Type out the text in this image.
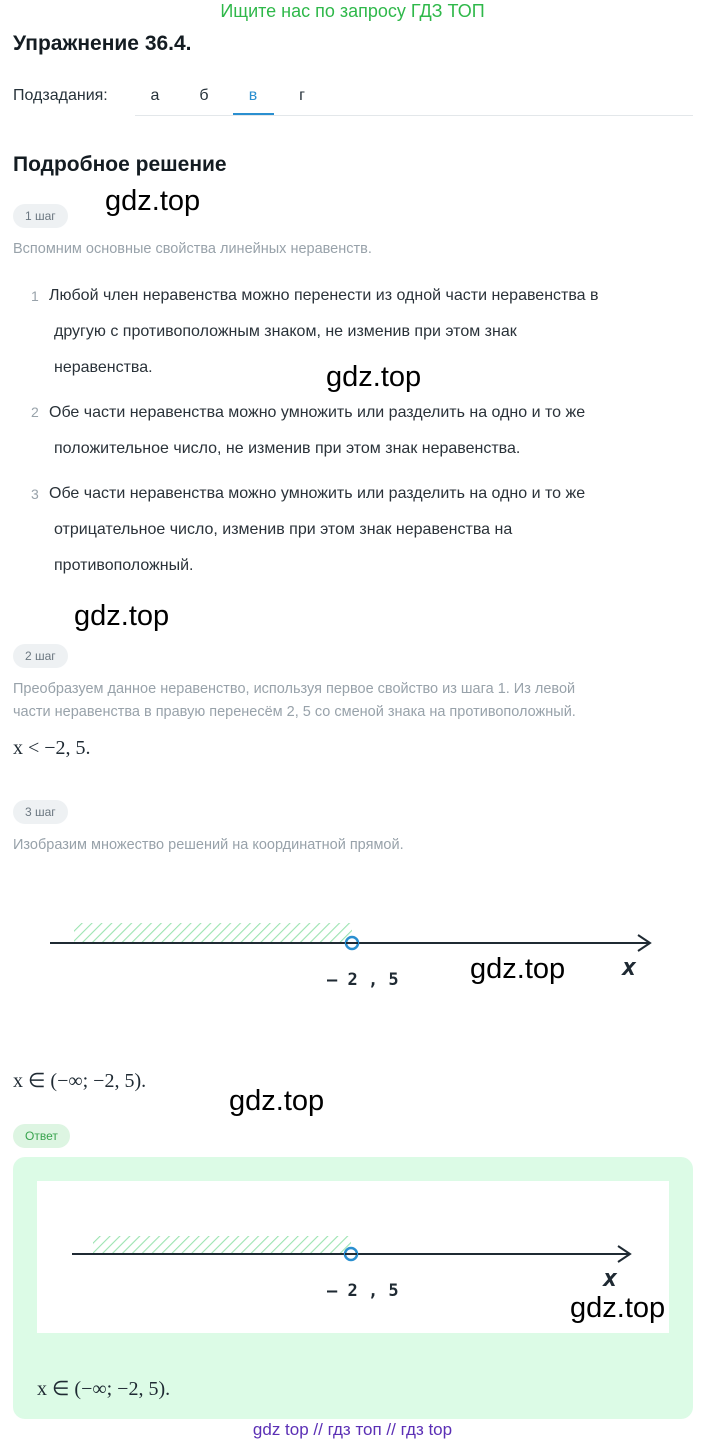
Ищите нас по запросу ГДЗ ТОП
Упражнение 36.4.
Подзадания:	а	б	в	г
Подробное решение
1 шаг	gdz.top
Вспомним основные свойства линейных неравенств.
1 Любой член неравенства можно перенести из одной части неравенства в
другую с противоположным знаком, не изменив при этом знак
неравенства.	gdz.top
2 Обе части неравенства можно умножить или разделить на одно и то же
положительное число, не изменив при этом знак неравенства.
3 Обе части неравенства можно умножить или разделить на одно и то же
отрицательное число, изменив при этом знак неравенства на
противоположный.
gdz.top
2 шаг
Преобразуем данное неравенство, используя первое свойство из шага 1. Из левой
части неравенства в правую перенесём 2, 5 со сменой знака на противоположный.
x < −2, 5.
3 шаг
Изобразим множество решений на координатной прямой.
– 2 , 5	x
gdz.top
x ∈ (−∞; −2, 5).
gdz.top
Ответ
– 2 , 5	x
gdz.top
x ∈ (−∞; −2, 5).
gdz top // гдз топ // гдз top
